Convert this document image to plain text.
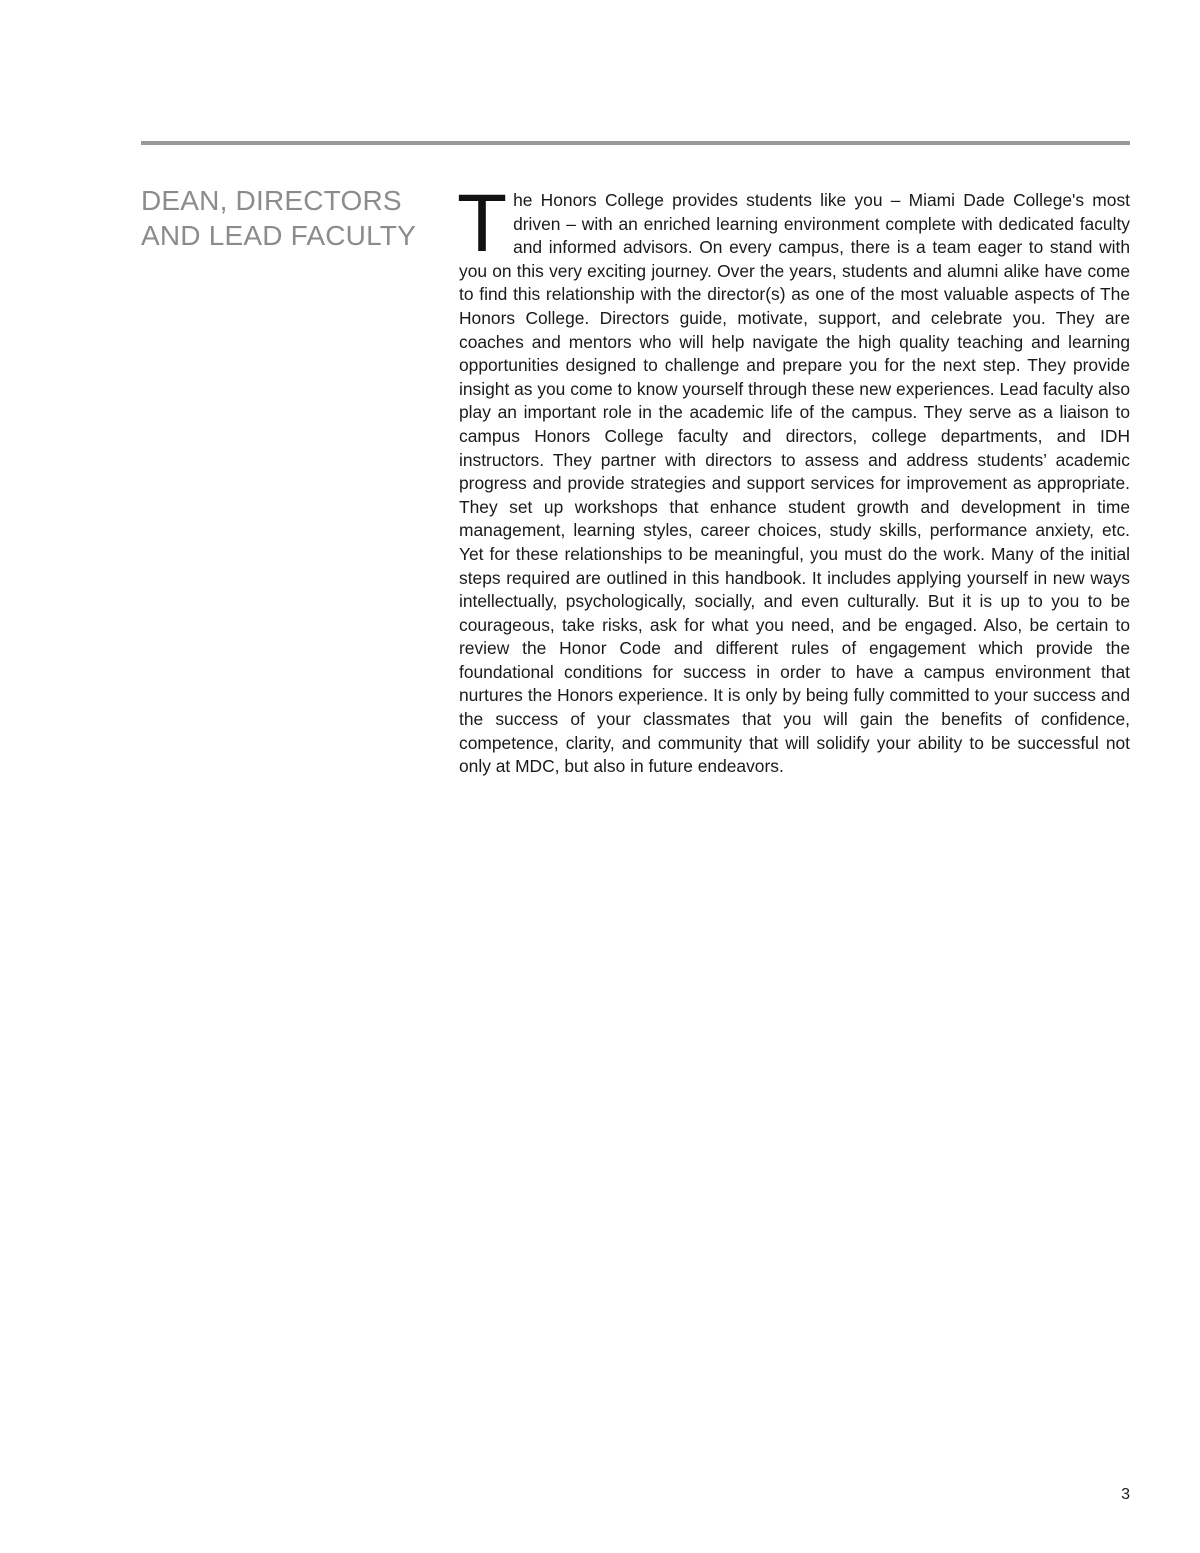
DEAN, DIRECTORS
AND LEAD FACULTY The Honors College provides students like you – Miami Dade College's most driven – with an enriched learning environment complete with dedicated faculty and informed advisors. On every campus, there is a team eager to stand with you on this very exciting journey. Over the years, students and alumni alike have come to find this relationship with the director(s) as one of the most valuable aspects of The Honors College. Directors guide, motivate, support, and celebrate you. They are coaches and mentors who will help navigate the high quality teaching and learning opportunities designed to challenge and prepare you for the next step. They provide insight as you come to know yourself through these new experiences. Lead faculty also play an important role in the academic life of the campus. They serve as a liaison to campus Honors College faculty and directors, college departments, and IDH instructors. They partner with directors to assess and address students’ academic progress and provide strategies and support services for improvement as appropriate. They set up workshops that enhance student growth and development in time management, learning styles, career choices, study skills, performance anxiety, etc. Yet for these relationships to be meaningful, you must do the work. Many of the initial steps required are outlined in this handbook. It includes applying yourself in new ways intellectually, psychologically, socially, and even culturally. But it is up to you to be courageous, take risks, ask for what you need, and be engaged. Also, be certain to review the Honor Code and different rules of engagement which provide the foundational conditions for success in order to have a campus environment that nurtures the Honors experience. It is only by being fully committed to your success and the success of your classmates that you will gain the benefits of confidence, competence, clarity, and community that will solidify your ability to be successful not only at MDC, but also in future endeavors.

3
